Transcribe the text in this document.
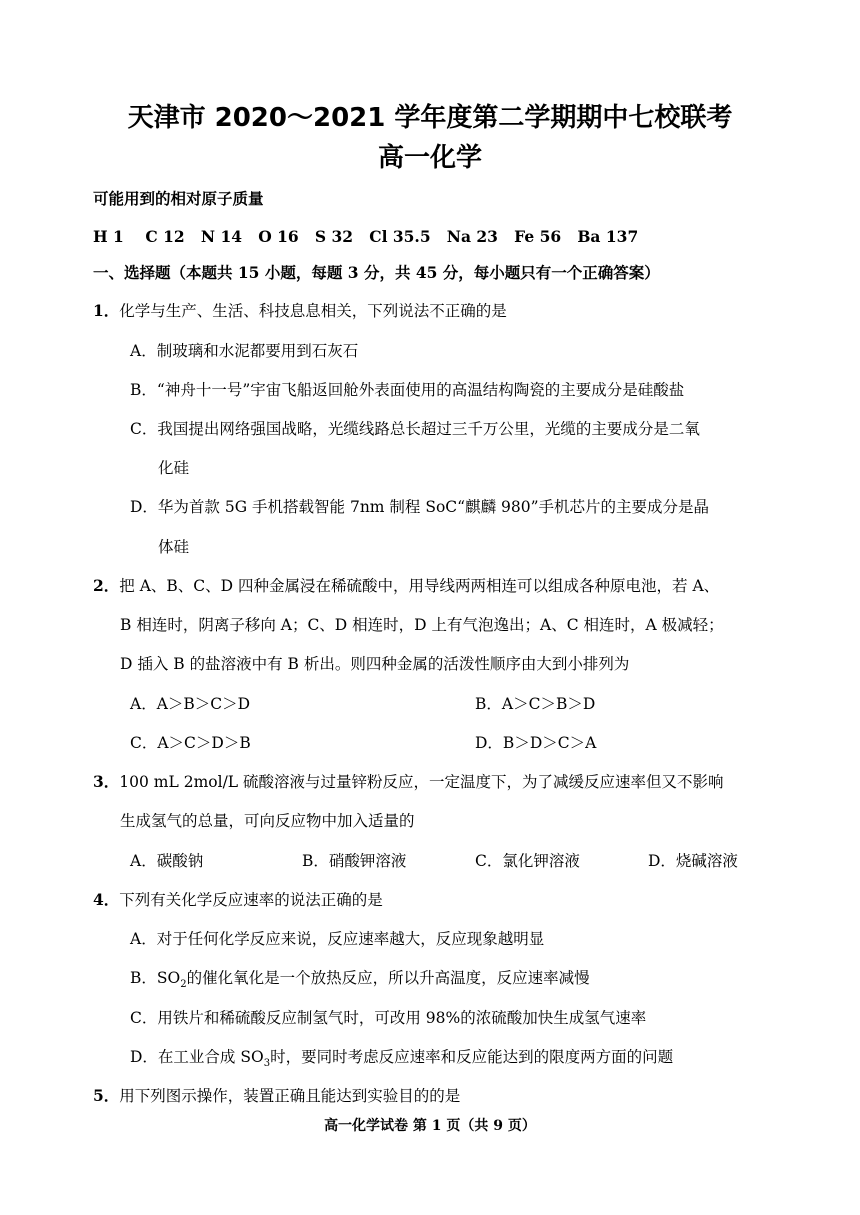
天津市 2020～2021 学年度第二学期期中七校联考
高一化学
可能用到的相对原子质量
H 1    C 12   N 14   O 16   S 32   Cl 35.5   Na 23   Fe 56   Ba 137
一、选择题（本题共 15 小题，每题 3 分，共 45 分，每小题只有一个正确答案）
1．化学与生产、生活、科技息息相关，下列说法不正确的是
A．制玻璃和水泥都要用到石灰石
B．“神舟十一号”宇宙飞船返回舱外表面使用的高温结构陶瓷的主要成分是硅酸盐
C．我国提出网络强国战略，光缆线路总长超过三千万公里，光缆的主要成分是二氧
化硅
D．华为首款 5G 手机搭载智能 7nm 制程 SoC“麒麟 980”手机芯片的主要成分是晶
体硅
2．把 A、B、C、D 四种金属浸在稀硫酸中，用导线两两相连可以组成各种原电池，若 A、
B 相连时，阴离子移向 A；C、D 相连时，D 上有气泡逸出；A、C 相连时，A 极减轻；
D 插入 B 的盐溶液中有 B 析出。则四种金属的活泼性顺序由大到小排列为
A．A＞B＞C＞D	B．A＞C＞B＞D
C．A＞C＞D＞B	D．B＞D＞C＞A
3．100 mL 2mol/L 硫酸溶液与过量锌粉反应，一定温度下，为了减缓反应速率但又不影响
生成氢气的总量，可向反应物中加入适量的
A．碳酸钠	B．硝酸钾溶液	C．氯化钾溶液	D．烧碱溶液
4．下列有关化学反应速率的说法正确的是
A．对于任何化学反应来说，反应速率越大，反应现象越明显
B．$SO_2$的催化氧化是一个放热反应，所以升高温度，反应速率减慢
C．用铁片和稀硫酸反应制氢气时，可改用 98%的浓硫酸加快生成氢气速率
D．在工业合成 $SO_3$时，要同时考虑反应速率和反应能达到的限度两方面的问题
5．用下列图示操作，装置正确且能达到实验目的的是
高一化学试卷 第 1 页（共 9 页）
